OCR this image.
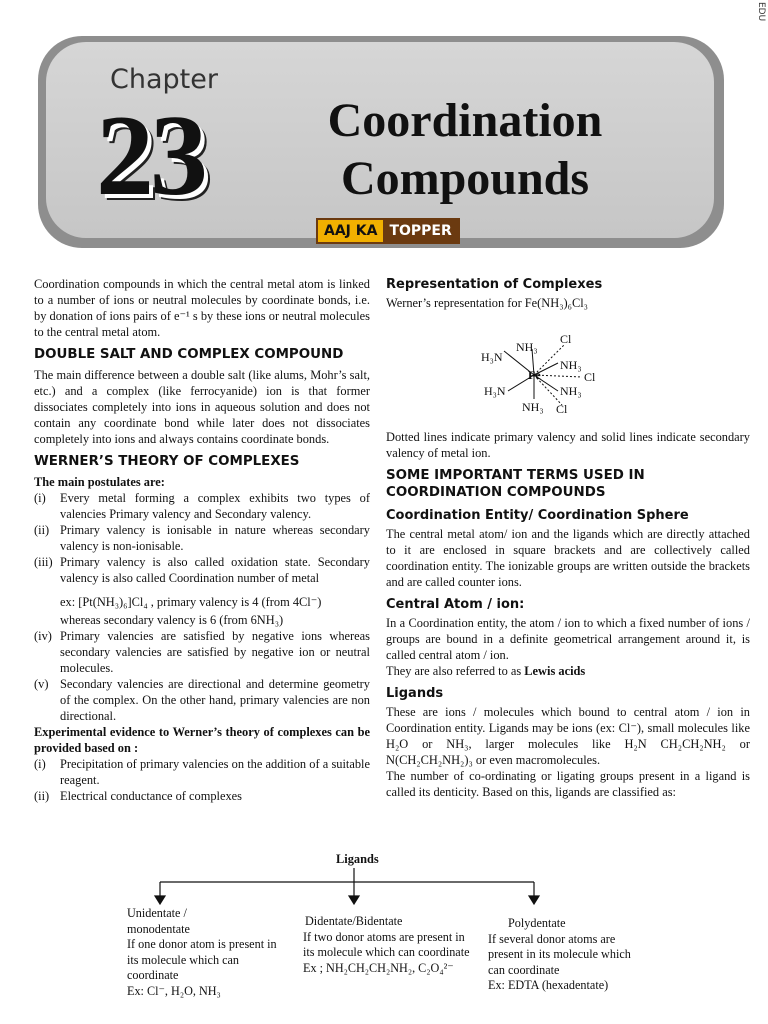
EDU
Chapter
23	Coordination
Compounds
AAJ KA TOPPER

Coordination compounds in which the central metal atom is linked to a number of ions or neutral molecules by coordinate bonds, i.e. by donation of ions pairs of e⁻¹ s by these ions or neutral molecules to the central metal atom.

DOUBLE SALT AND COMPLEX COMPOUND

The main difference between a double salt (like alums, Mohr’s salt, etc.) and a complex (like ferrocyanide) ion is that former dissociates completely into ions in aqueous solution and does not contain any coordinate bond while later does not dissociates completely into ions and always contains coordinate bonds.

WERNER’S THEORY OF COMPLEXES
The main postulates are:
(i)	Every metal forming a complex exhibits two types of valencies Primary valency and Secondary valency.
(ii) Primary valency is ionisable in nature whereas secondary valency is non-ionisable.
(iii) Primary valency is also called oxidation state. Secondary valency is also called Coordination number of metal
ex: [Pt(NH₃)₆]Cl₄ , primary valency is 4 (from 4Cl⁻)
whereas secondary valency is 6 (from 6NH₃)
(iv) Primary valencies are satisfied by negative ions whereas secondary valencies are satisfied by negative ion or neutral molecules.
(v) Secondary valencies are directional and determine geometry of the complex. On the other hand, primary valencies are non directional.

Experimental evidence to Werner’s theory of complexes can be provided based on :

(i)	Precipitation of primary valencies on the addition of a suitable reagent.
(ii) Electrical conductance of complexes
Representation of Complexes
Werner’s representation for Fe(NH₃)₆Cl₃
H₃N
NH₃
Cl
NH₃
Fe	Cl
H₃N	NH₃
NH₃ Cl

Dotted lines indicate primary valency and solid lines indicate secondary valency of metal ion.

SOME IMPORTANT TERMS USED IN COORDINATION COMPOUNDS
Coordination Entity/ Coordination Sphere

The central metal atom/ ion and the ligands which are directly attached to it are enclosed in square brackets and are collectively called coordination entity. The ionizable groups are written outside the brackets and are called counter ions.

Central Atom / ion:

In a Coordination entity, the atom / ion to which a fixed number of ions / groups are bound in a definite geometrical arrangement around it, is called central atom / ion.

They are also referred to as Lewis acids
Ligands

These are ions / molecules which bound to central atom / ion in Coordination entity. Ligands may be ions (ex: Cl⁻), small molecules like H₂O or NH₃, larger molecules like H₂N CH₂CH₂NH₂ or N(CH₂CH₂NH₂)₃ or even macromolecules.

The number of co-ordinating or ligating groups present in a ligand is called its denticity. Based on this, ligands are classified as:

Ligands
Unidentate /
monodentate
If one donor atom is present in its molecule which can coordinate
Ex: Cl⁻, H₂O, NH₃
Didentate/Bidentate
If two donor atoms are present in its molecule which can coordinate
Ex ; NH₂CH₂CH₂NH₂, C₂O₄²⁻
Polydentate
If several donor atoms are present in its molecule which can coordinate
Ex: EDTA (hexadentate)
